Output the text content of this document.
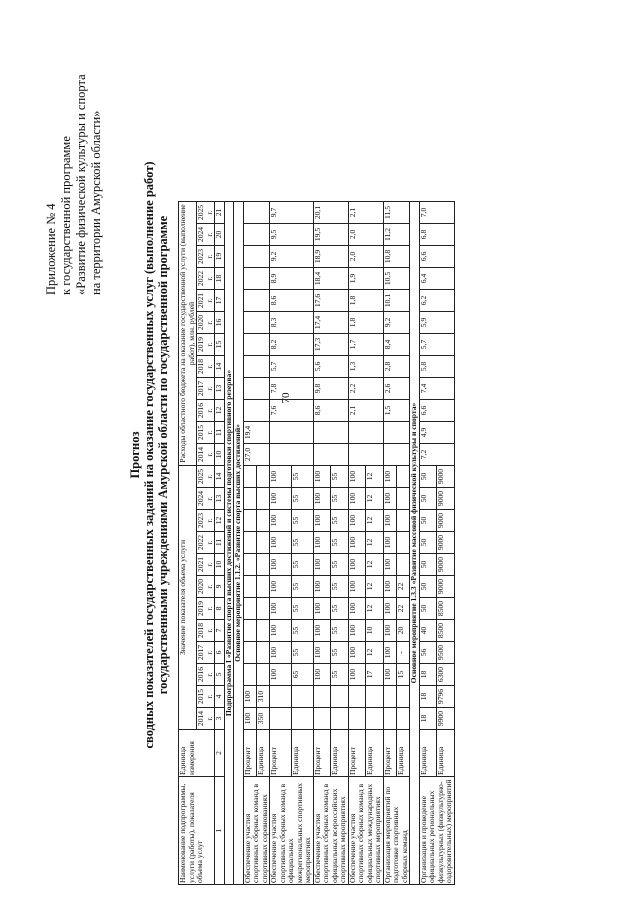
70
Приложение № 4 к государственной программе «Развитие физической культуры и спорта на территории Амурской области»
Прогноз сводных показателей государственных заданий на оказание государственных услуг (выполнение работ) государственными учреждениями Амурской области по государственной программе
Наименование подпрограммы, услуги (работы), показателя объема услуг	Единица измерения	Значение показателя объема услуги												Расходы областного бюджета на оказание государственной услуги (выполнение работ), млн. рублей											
		2014 г.	2015 г.	2016 г.	2017 г.	2018 г.	2019 г.	2020 г.	2021 г.	2022 г.	2023 г.	2024 г.	2025 г.	2014 г.	2015 г.	2016 г.	2017 г.	2018 г.	2019 г.	2020 г.	2021 г.	2022 г.	2023 г.	2024 г.	2025 г.
1	2	3	4	5	6	7	8	9	10	11	12	13	14	10	11	12	13	14	15	16	17	18	19	20	21
Подпрограмма I «Развитие спорта высших достижений и системы подготовки спортивного резерва»																									
Основное мероприятие 1.1.2. «Развитие спорта высших достижений»																									
Обеспечение участия спортивных сборных команд в спортивных соревнованиях	Процент	100	100											27,0	19,4										
	Единица	350	310																						
Обеспечение участия спортивных сборных команд в официальных межрегиональных спортивных мероприятиях	Процент			100	100	100	100	100	100	100	100	100	100			7,6	7,8	5,7	8,2	8,3	8,6	8,9	9,2	9,5	9,7
	Единица			65	55	55	55	55	55	55	55	55	55												
Обеспечение участия спортивных сборных команд в официальных всероссийских спортивных мероприятиях	Процент			100	100	100	100	100	100	100	100	100	100			8,6	9,8	5,6	17,3	17,4	17,6	18,4	18,9	19,5	20,1
	Единица			55	55	55	55	55	55	55	55	55	55												
Обеспечение участия спортивных сборных команд в официальных международных спортивных мероприятиях	Процент			100	100	100	100	100	100	100	100	100	100			2,1	2,2	1,3	1,7	1,8	1,8	1,9	2,0	2,0	2,1
	Единица			17	12	10	12	12	12	12	12	12	12												
Организация мероприятий по подготовке спортивных сборных команд	Процент			100	100	100	100	100	100	100	100	100	100			1,5	2,6	2,8	8,4	9,2	10,1	10,5	10,8	11,2	11,5
	Единица			15	-	20	22	22																	
Основное мероприятие 1.3.3 «Развитие массовой физической культуры и спорта»																									
Организация и проведение официальных региональных физкультурных (физкультурно-оздоровительных) мероприятий	Единица	18	18	18	56	40	50	50	50	50	50	50	50	7,2	4,9	6,6	7,4	5,8	5,7	5,9	6,2	6,4	6,6	6,8	7,0
	Единица	9900	9796	6300	9500	8500	8500	9000	9000	9000	9000	9000	9000												
